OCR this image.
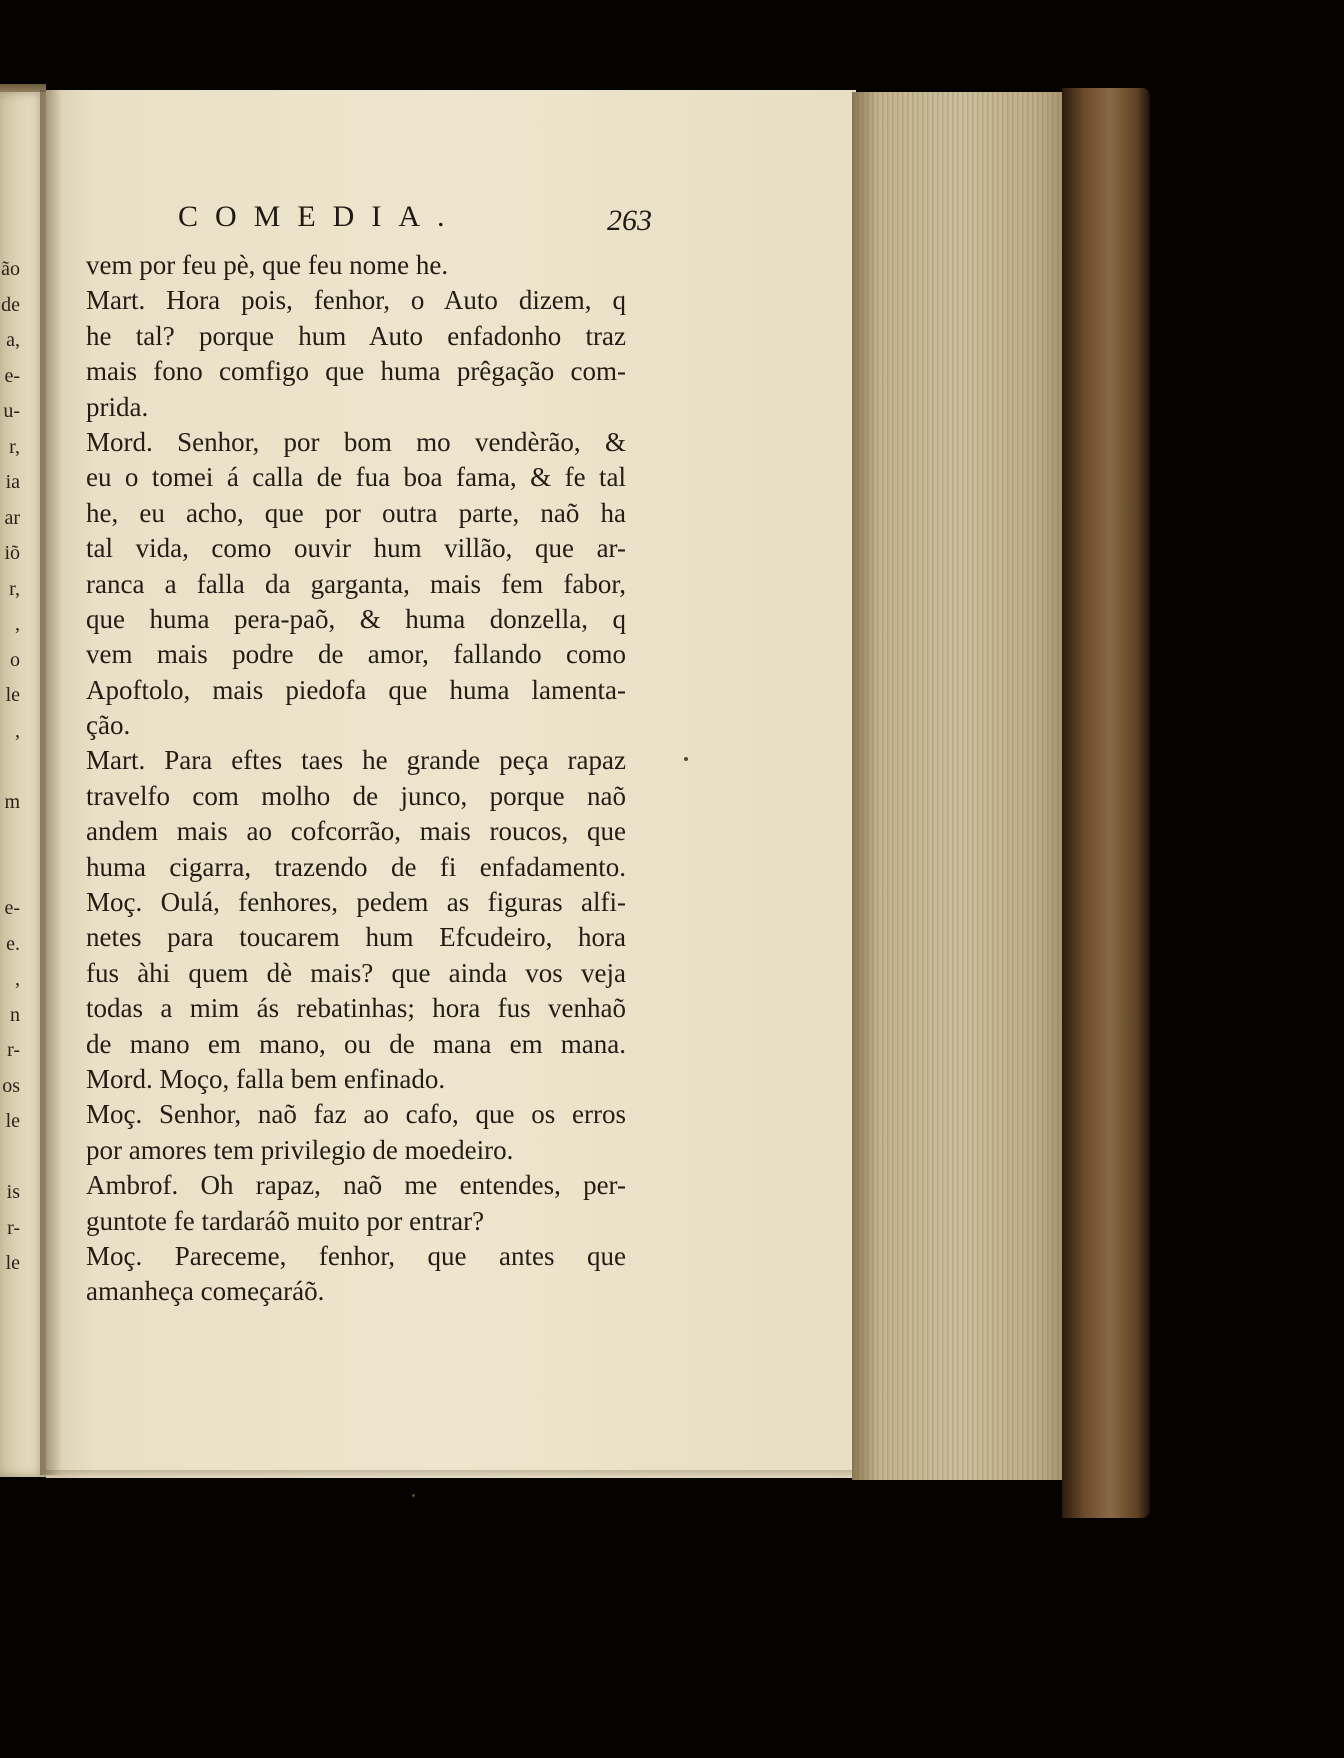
ão
de
a,
e-
u-
r,
ia
ar
iõ
r,
,
o
le
,
m
e-
e.
,
n
r-
os
le
is
r-
le
COMEDIA.	263
vem por feu pè, que feu nome he.
Mart. Hora pois, fenhor, o Auto dizem, q
he tal? porque hum Auto enfadonho traz
mais fono comfigo que huma prêgação com-
prida.
Mord. Senhor, por bom mo vendèrão, &
eu o tomei á calla de fua boa fama, & fe tal
he, eu acho, que por outra parte, naõ ha
tal vida, como ouvir hum villão, que ar-
ranca a falla da garganta, mais fem fabor,
que huma pera-paõ, & huma donzella, q
vem mais podre de amor, fallando como
Apoftolo, mais piedofa que huma lamenta-
ção.
Mart. Para eftes taes he grande peça rapaz
travelfo com molho de junco, porque naõ
andem mais ao cofcorrão, mais roucos, que
huma cigarra, trazendo de fi enfadamento.
Moç. Oulá, fenhores, pedem as figuras alfi-
netes para toucarem hum Efcudeiro, hora
fus àhi quem dè mais? que ainda vos veja
todas a mim ás rebatinhas; hora fus venhaõ
de mano em mano, ou de mana em mana.
Mord. Moço, falla bem enfinado.
Moç. Senhor, naõ faz ao cafo, que os erros
por amores tem privilegio de moedeiro.
Ambrof. Oh rapaz, naõ me entendes, per-
guntote fe tardaráõ muito por entrar?
Moç. Pareceme, fenhor, que antes que
amanheça começaráõ.
